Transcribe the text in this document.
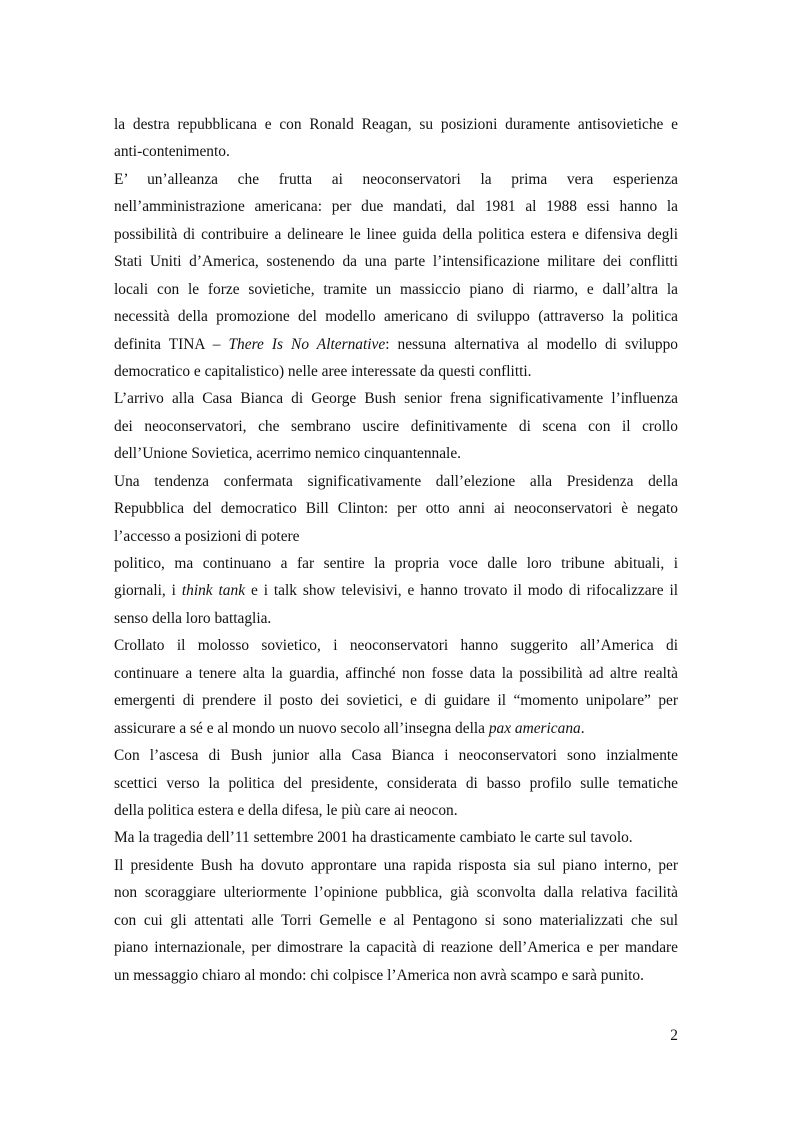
la destra repubblicana e con Ronald Reagan, su posizioni duramente antisovietiche e
anti-contenimento.
E’ un’alleanza che frutta ai neoconservatori la prima vera esperienza
nell’amministrazione americana: per due mandati, dal 1981 al 1988 essi hanno la
possibilità di contribuire a delineare le linee guida della politica estera e difensiva degli
Stati Uniti d’America, sostenendo da una parte l’intensificazione militare dei conflitti
locali con le forze sovietiche, tramite un massiccio piano di riarmo, e dall’altra la
necessità della promozione del modello americano di sviluppo (attraverso la politica
definita TINA – There Is No Alternative: nessuna alternativa al modello di sviluppo
democratico e capitalistico) nelle aree interessate da questi conflitti.
L’arrivo alla Casa Bianca di George Bush senior frena significativamente l’influenza
dei neoconservatori, che sembrano uscire definitivamente di scena con il crollo
dell’Unione Sovietica, acerrimo nemico cinquantennale.
Una tendenza confermata significativamente dall’elezione alla Presidenza della
Repubblica del democratico Bill Clinton: per otto anni ai neoconservatori è negato
l’accesso a posizioni di potere
politico, ma continuano a far sentire la propria voce dalle loro tribune abituali, i
giornali, i think tank e i talk show televisivi, e hanno trovato il modo di rifocalizzare il
senso della loro battaglia.
Crollato il molosso sovietico, i neoconservatori hanno suggerito all’America di
continuare a tenere alta la guardia, affinché non fosse data la possibilità ad altre realtà
emergenti di prendere il posto dei sovietici, e di guidare il “momento unipolare” per
assicurare a sé e al mondo un nuovo secolo all’insegna della pax americana.
Con l’ascesa di Bush junior alla Casa Bianca i neoconservatori sono inzialmente
scettici verso la politica del presidente, considerata di basso profilo sulle tematiche
della politica estera e della difesa, le più care ai neocon.
Ma la tragedia dell’11 settembre 2001 ha drasticamente cambiato le carte sul tavolo.
Il presidente Bush ha dovuto approntare una rapida risposta sia sul piano interno, per
non scoraggiare ulteriormente l’opinione pubblica, già sconvolta dalla relativa facilità
con cui gli attentati alle Torri Gemelle e al Pentagono si sono materializzati che sul
piano internazionale, per dimostrare la capacità di reazione dell’America e per mandare
un messaggio chiaro al mondo: chi colpisce l’America non avrà scampo e sarà punito.
2
